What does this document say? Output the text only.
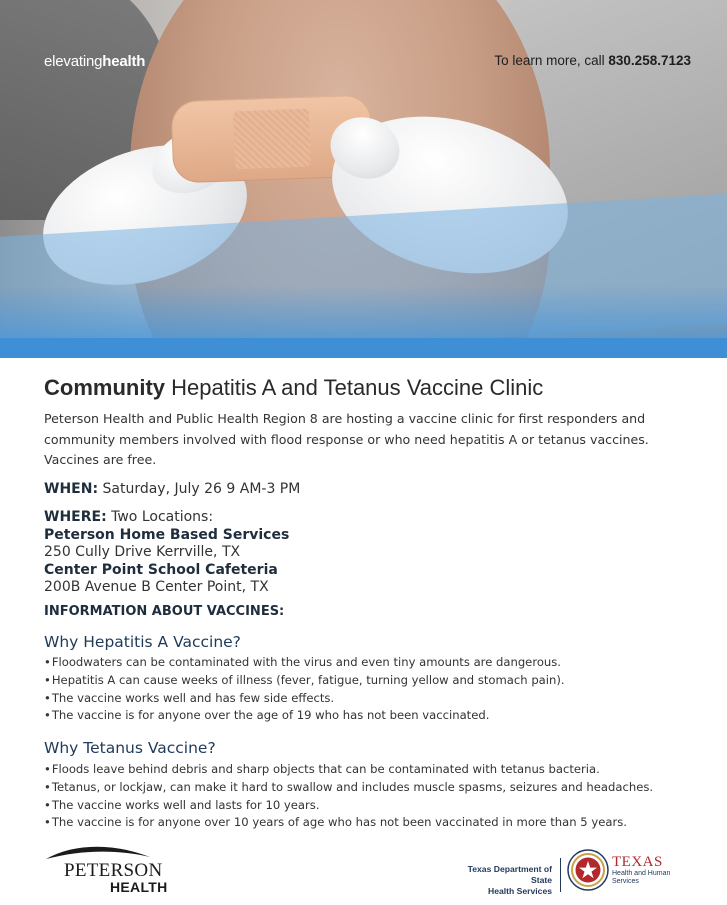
elevatinghealth	To learn more, call 830.258.7123
Community Hepatitis A and Tetanus Vaccine Clinic

Peterson Health and Public Health Region 8 are hosting a vaccine clinic for first responders and community members involved with flood response or who need hepatitis A or tetanus vaccines. Vaccines are free.

WHEN: Saturday, July 26 9 AM-3 PM
WHERE: Two Locations:
Peterson Home Based Services
250 Cully Drive Kerrville, TX
Center Point School Cafeteria
200B Avenue B Center Point, TX
INFORMATION ABOUT VACCINES:
Why Hepatitis A Vaccine?
• Floodwaters can be contaminated with the virus and even tiny amounts are dangerous.
• Hepatitis A can cause weeks of illness (fever, fatigue, turning yellow and stomach pain).
• The vaccine works well and has few side effects.
• The vaccine is for anyone over the age of 19 who has not been vaccinated.
Why Tetanus Vaccine?
• Floods leave behind debris and sharp objects that can be contaminated with tetanus bacteria.
• Tetanus, or lockjaw, can make it hard to swallow and includes muscle spasms, seizures and headaches.
• The vaccine works well and lasts for 10 years.
• The vaccine is for anyone over 10 years of age who has not been vaccinated in more than 5 years.
PETERSON
HEALTH
Texas Department of State
Health Services
TEXAS
Health and Human
Services
